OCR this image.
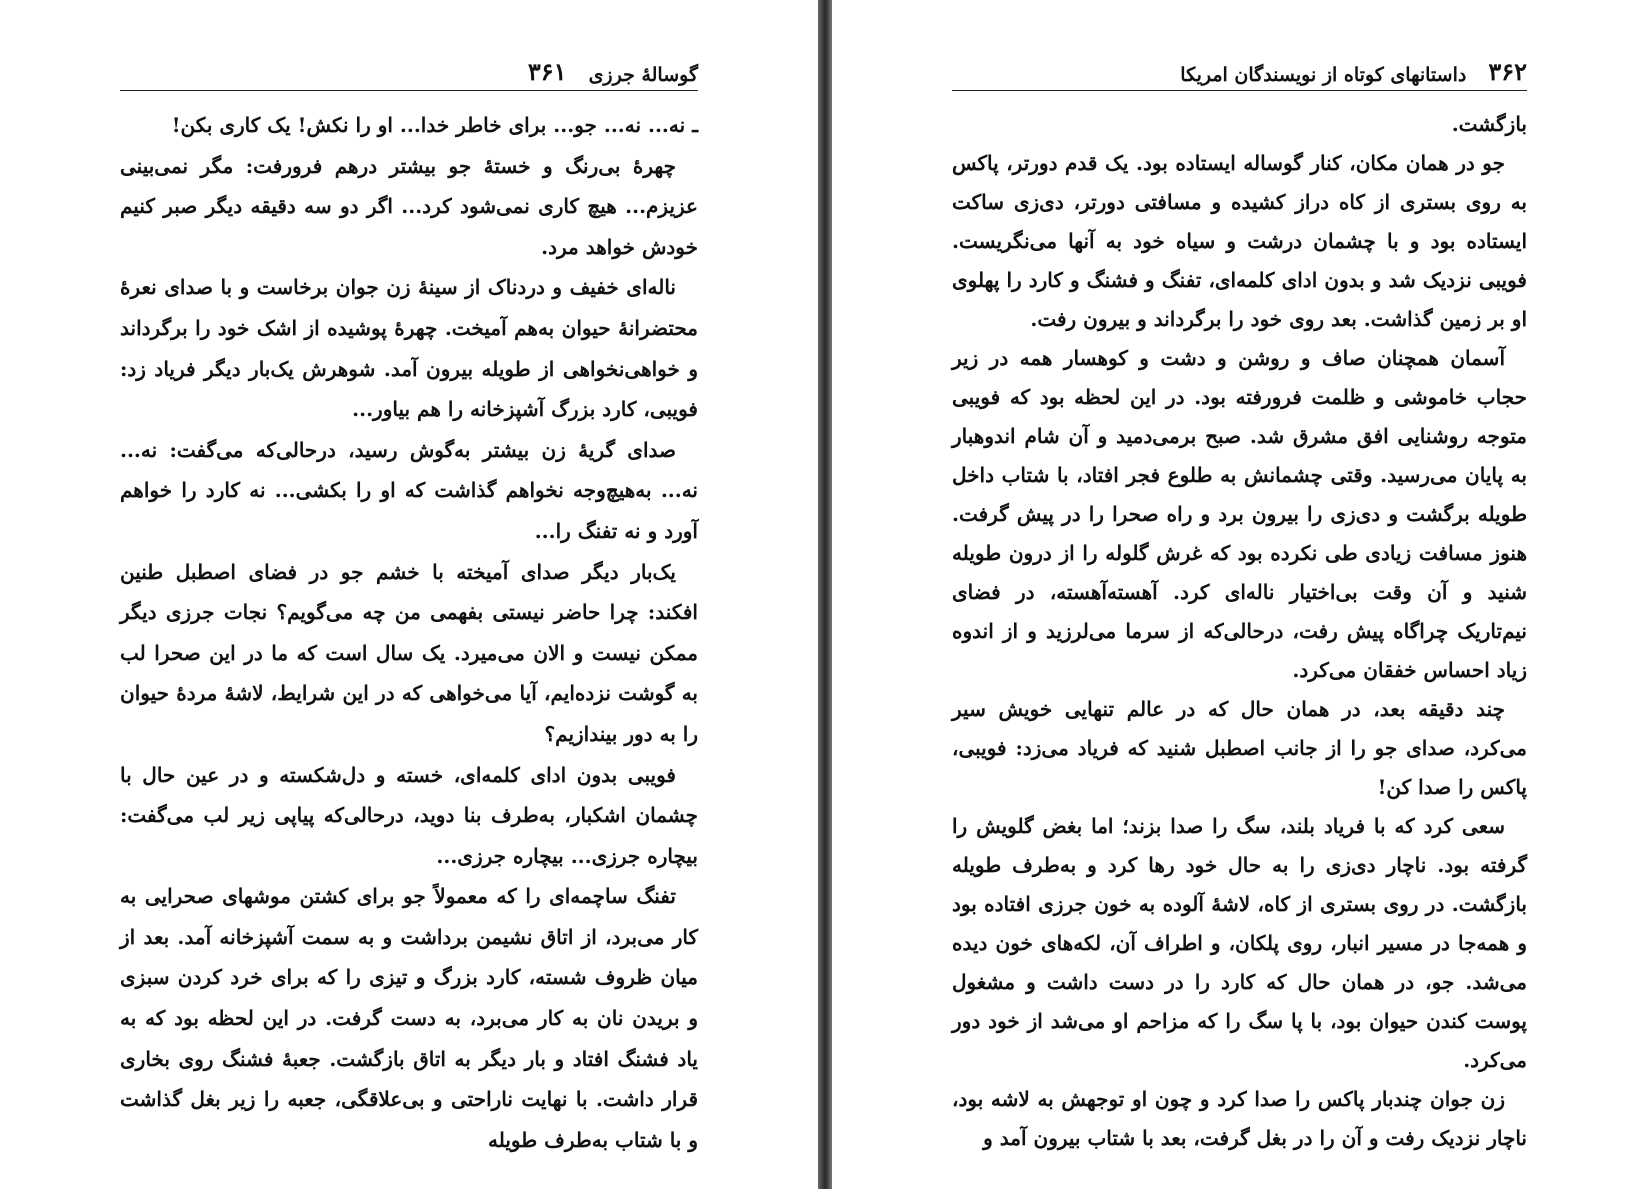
۳۶۱ گوسالهٔ جرزی

ـ نه... نه... جو... برای خاطر خدا... او را نکش! یک کاری بکن!

چهرهٔ بی‌رنگ و خستهٔ جو بیشتر درهم فرورفت: مگر نمی‌بینی عزیزم... هیچ کاری نمی‌شود کرد... اگر دو سه دقیقه دیگر صبر کنیم خودش خواهد مرد.

ناله‌ای خفیف و دردناک از سینهٔ زن جوان برخاست و با صدای نعرهٔ محتضرانهٔ حیوان به‌هم آمیخت. چهرهٔ پوشیده از اشک خود را برگرداند و خواهی‌نخواهی از طویله بیرون آمد. شوهرش یک‌بار دیگر فریاد زد: فویبی، کارد بزرگ آشپزخانه را هم بیاور...

صدای گریهٔ زن بیشتر به‌گوش رسید، درحالی‌که می‌گفت: نه... نه... به‌هیچ‌وجه نخواهم گذاشت که او را بکشی... نه کارد را خواهم آورد و نه تفنگ را...

یک‌بار دیگر صدای آمیخته با خشم جو در فضای اصطبل طنین افکند: چرا حاضر نیستی بفهمی من چه می‌گویم؟ نجات جرزی دیگر ممکن نیست و الان می‌میرد. یک سال است که ما در این صحرا لب به گوشت نزده‌ایم، آیا می‌خواهی که در این شرایط، لاشهٔ مردهٔ حیوان را به دور بیندازیم؟

فویبی بدون ادای کلمه‌ای، خسته و دل‌شکسته و در عین حال با چشمان اشکبار، به‌طرف بنا دوید، درحالی‌که پیاپی زیر لب می‌گفت: بیچاره جرزی... بیچاره جرزی...

تفنگ ساچمه‌ای را که معمولاً جو برای کشتن موشهای صحرایی به کار می‌برد، از اتاق نشیمن برداشت و به سمت آشپزخانه آمد. بعد از میان ظروف شسته، کارد بزرگ و تیزی را که برای خرد کردن سبزی و بریدن نان به کار می‌برد، به دست گرفت. در این لحظه بود که به یاد فشنگ افتاد و بار دیگر به اتاق بازگشت. جعبهٔ فشنگ روی بخاری قرار داشت. با نهایت ناراحتی و بی‌علاقگی، جعبه را زیر بغل گذاشت و با شتاب به‌طرف طویله

۳۶۲
داستانهای کوتاه از نویسندگان امریکا

بازگشت.

جو در همان مکان، کنار گوساله ایستاده بود. یک قدم دورتر، پاکس به روی بستری از کاه دراز کشیده و مسافتی دورتر، دی‌زی ساکت ایستاده بود و با چشمان درشت و سیاه خود به آنها می‌نگریست. فویبی نزدیک شد و بدون ادای کلمه‌ای، تفنگ و فشنگ و کارد را پهلوی او بر زمین گذاشت. بعد روی خود را برگرداند و بیرون رفت.

آسمان همچنان صاف و روشن و دشت و کوهسار همه در زیر حجاب خاموشی و ظلمت فرورفته بود. در این لحظه بود که فویبی متوجه روشنایی افق مشرق شد. صبح برمی‌دمید و آن شام اندوهبار به پایان می‌رسید. وقتی چشمانش به طلوع فجر افتاد، با شتاب داخل طویله برگشت و دی‌زی را بیرون برد و راه صحرا را در پیش گرفت. هنوز مسافت زیادی طی نکرده بود که غرش گلوله را از درون طویله شنید و آن وقت بی‌اختیار ناله‌ای کرد. آهسته‌آهسته، در فضای نیم‌تاریک چراگاه پیش رفت، درحالی‌که از سرما می‌لرزید و از اندوه زیاد احساس خفقان می‌کرد.

چند دقیقه بعد، در همان حال که در عالم تنهایی خویش سیر می‌کرد، صدای جو را از جانب اصطبل شنید که فریاد می‌زد: فویبی، پاکس را صدا کن!

سعی کرد که با فریاد بلند، سگ را صدا بزند؛ اما بغض گلویش را گرفته بود. ناچار دی‌زی را به حال خود رها کرد و به‌طرف طویله بازگشت. در روی بستری از کاه، لاشهٔ آلوده به خون جرزی افتاده بود و همه‌جا در مسیر انبار، روی پلکان، و اطراف آن، لکه‌های خون دیده می‌شد. جو، در همان حال که کارد را در دست داشت و مشغول پوست کندن حیوان بود، با پا سگ را که مزاحم او می‌شد از خود دور می‌کرد.

زن جوان چندبار پاکس را صدا کرد و چون او توجهش به لاشه بود، ناچار نزدیک رفت و آن را در بغل گرفت، بعد با شتاب بیرون آمد و
